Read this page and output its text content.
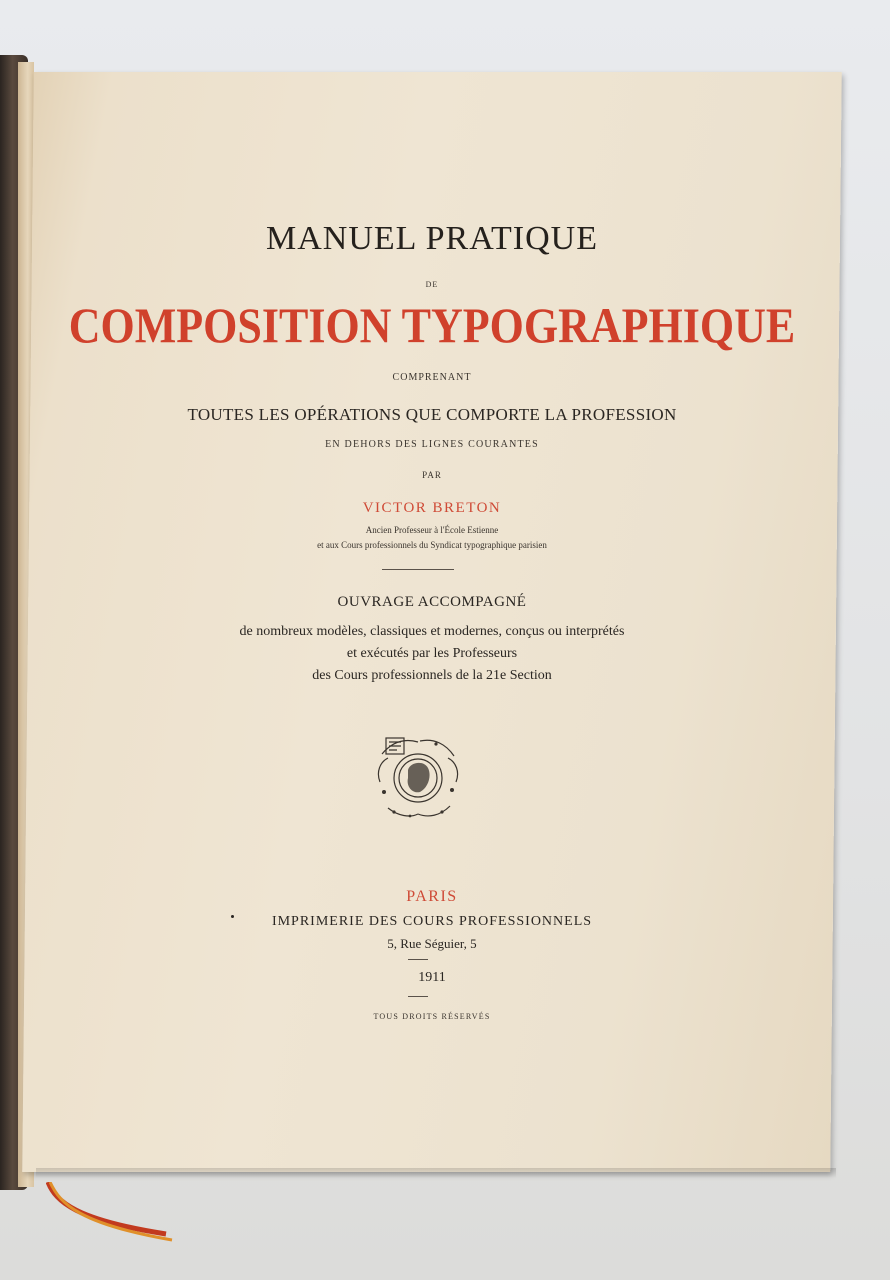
MANUEL PRATIQUE
DE
COMPOSITION TYPOGRAPHIQUE
COMPRENANT
TOUTES LES OPÉRATIONS QUE COMPORTE LA PROFESSION
EN DEHORS DES LIGNES COURANTES
PAR
VICTOR BRETON
Ancien Professeur à l'École Estienne
et aux Cours professionnels du Syndicat typographique parisien
OUVRAGE ACCOMPAGNÉ
de nombreux modèles, classiques et modernes, conçus ou interprétés
et exécutés par les Professeurs
des Cours professionnels de la 21e Section
PARIS
IMPRIMERIE DES COURS PROFESSIONNELS
5, Rue Séguier, 5
1911
TOUS DROITS RÉSERVÉS
